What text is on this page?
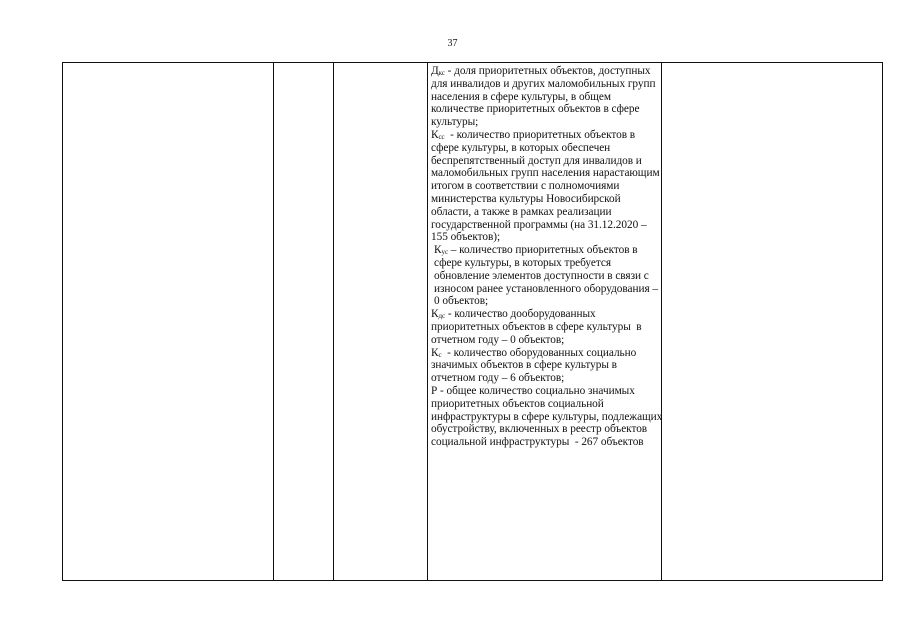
37

$Д_{кс}$ - доля приоритетных объектов, доступных для инвалидов и других маломобильных групп населения в сфере культуры, в общем количестве приоритетных объектов в сфере культуры;

$К_{сс}$  - количество приоритетных объектов в сфере культуры, в которых обеспечен беспрепятственный доступ для инвалидов и маломобильных групп населения нарастающим итогом в соответствии с полномочиями министерства культуры Новосибирской области, а также в рамках реализации государственной программы (на 31.12.2020 – 155 объектов);

$К_{ус}$ – количество приоритетных объектов в сфере культуры, в которых требуется обновление элементов доступности в связи с износом ранее установленного оборудования – 0 объектов;

$К_{дс}$ - количество дооборудованных приоритетных объектов в сфере культуры  в отчетном году – 0 объектов;

$К_с$  - количество оборудованных социально значимых объектов в сфере культуры в отчетном году – 6 объектов;

Р - общее количество социально значимых приоритетных объектов социальной инфраструктуры в сфере культуры, подлежащих обустройству, включенных в реестр объектов социальной инфраструктуры  - 267 объектов
